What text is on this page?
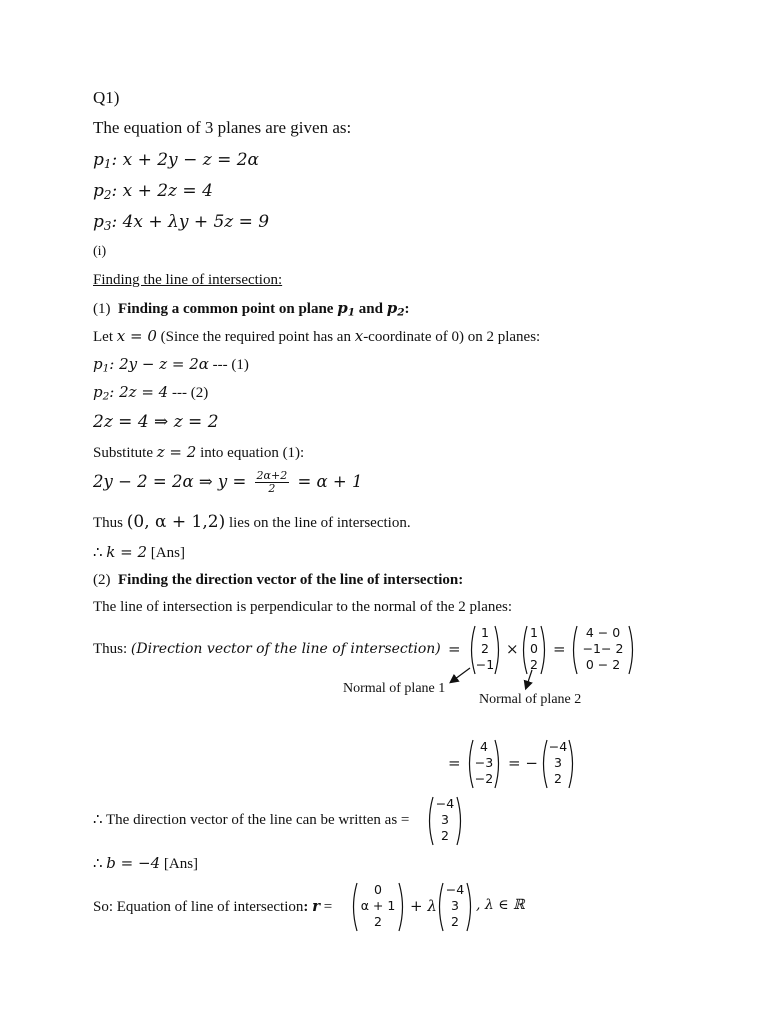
Q1)
The equation of 3 planes are given as:
$p_1$: x + 2y − z = 2α
$p_2$: x + 2z = 4
$p_3$: 4x + λy + 5z = 9
(i)
Finding the line of intersection:
(1) Finding a common point on plane $p_1$ and $p_2$:
Let x = 0 (Since the required point has an x-coordinate of 0) on 2 planes:
$p_1$: 2y − z = 2α --- (1)
$p_2$: 2z = 4 --- (2)
2z = 4 ⇒ z = 2
Substitute z = 2 into equation (1):
2y − 2 = 2α ⇒ $y = \frac{2\alpha+2}{2} = \alpha + 1$
Thus (0, α + 1,2) lies on the line of intersection.
∴ k = 2 [Ans]
(2) Finding the direction vector of the line of intersection:
The line of intersection is perpendicular to the normal of the 2 planes:
Thus: (Direction vector of the line of intersection) =
1
2
−1
×
1
0
2
=
4 − 0
−1− 2
0 − 2
Normal of plane 1
Normal of plane 2
=
4
−3
−2
= −
−4
3
2
∴ The direction vector of the line can be written as =
−4
3
2
∴ b = −4 [Ans]
So: Equation of line of intersection: r =
0
α + 1
2
+ λ
−4
3
2
, λ ∈ ℝ
